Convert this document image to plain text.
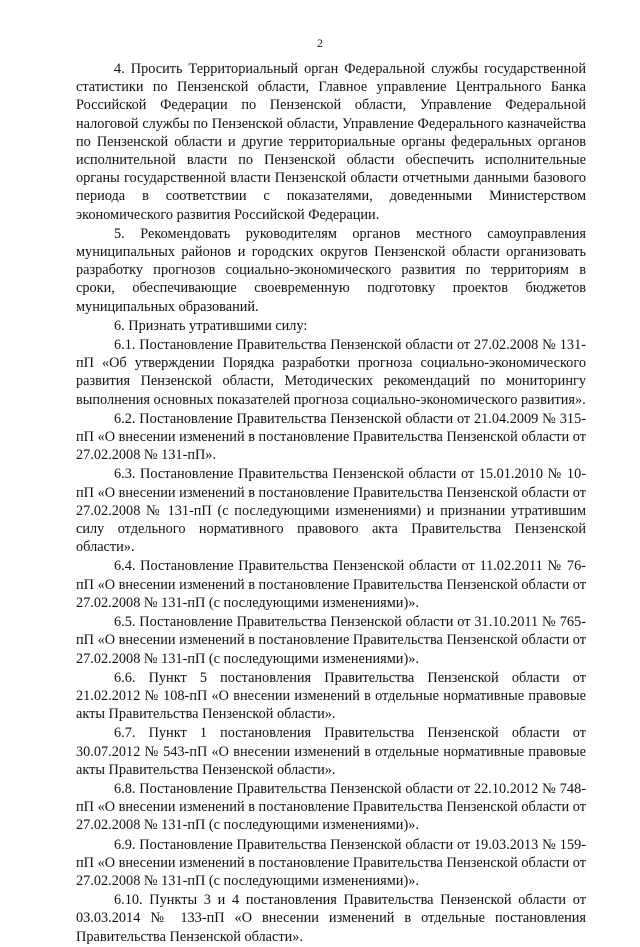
2

4. Просить Территориальный орган Федеральной службы государственной статистики по Пензенской области, Главное управление Центрального Банка Российской Федерации по Пензенской области, Управление Федеральной налоговой службы по Пензенской области, Управление Федерального казначейства по Пензенской области и другие территориальные органы федеральных органов исполнительной власти по Пензенской области обеспечить исполнительные органы государственной власти Пензенской области отчетными данными базового периода в соответствии с показателями, доведенными Министерством экономического развития Российской Федерации.

5. Рекомендовать руководителям органов местного самоуправления муниципальных районов и городских округов Пензенской области организовать разработку прогнозов социально-экономического развития по территориям в сроки, обеспечивающие своевременную подготовку проектов бюджетов муниципальных образований.

6. Признать утратившими силу:

6.1. Постановление Правительства Пензенской области от 27.02.2008 № 131-пП «Об утверждении Порядка разработки прогноза социально-экономического развития Пензенской области, Методических рекомендаций по мониторингу выполнения основных показателей прогноза социально-экономического развития».

6.2. Постановление Правительства Пензенской области от 21.04.2009 № 315-пП «О внесении изменений в постановление Правительства Пензенской области от 27.02.2008 № 131-пП».

6.3. Постановление Правительства Пензенской области от 15.01.2010 № 10-пП «О внесении изменений в постановление Правительства Пензенской области от 27.02.2008 № 131-пП (с последующими изменениями) и признании утратившим силу отдельного нормативного правового акта Правительства Пензенской области».

6.4. Постановление Правительства Пензенской области от 11.02.2011 № 76-пП «О внесении изменений в постановление Правительства Пензенской области от 27.02.2008 № 131-пП (с последующими изменениями)».

6.5. Постановление Правительства Пензенской области от 31.10.2011 № 765-пП «О внесении изменений в постановление Правительства Пензенской области от 27.02.2008 № 131-пП (с последующими изменениями)».

6.6. Пункт 5 постановления Правительства Пензенской области от 21.02.2012 № 108-пП «О внесении изменений в отдельные нормативные правовые акты Правительства Пензенской области».

6.7. Пункт 1 постановления Правительства Пензенской области от 30.07.2012 № 543-пП «О внесении изменений в отдельные нормативные правовые акты Правительства Пензенской области».

6.8. Постановление Правительства Пензенской области от 22.10.2012 № 748-пП «О внесении изменений в постановление Правительства Пензенской области от 27.02.2008 № 131-пП (с последующими изменениями)».

6.9. Постановление Правительства Пензенской области от 19.03.2013 № 159-пП «О внесении изменений в постановление Правительства Пензенской области от 27.02.2008 № 131-пП (с последующими изменениями)».

6.10. Пункты 3 и 4 постановления Правительства Пензенской области от 03.03.2014 № 133-пП «О внесении изменений в отдельные постановления Правительства Пензенской области».
